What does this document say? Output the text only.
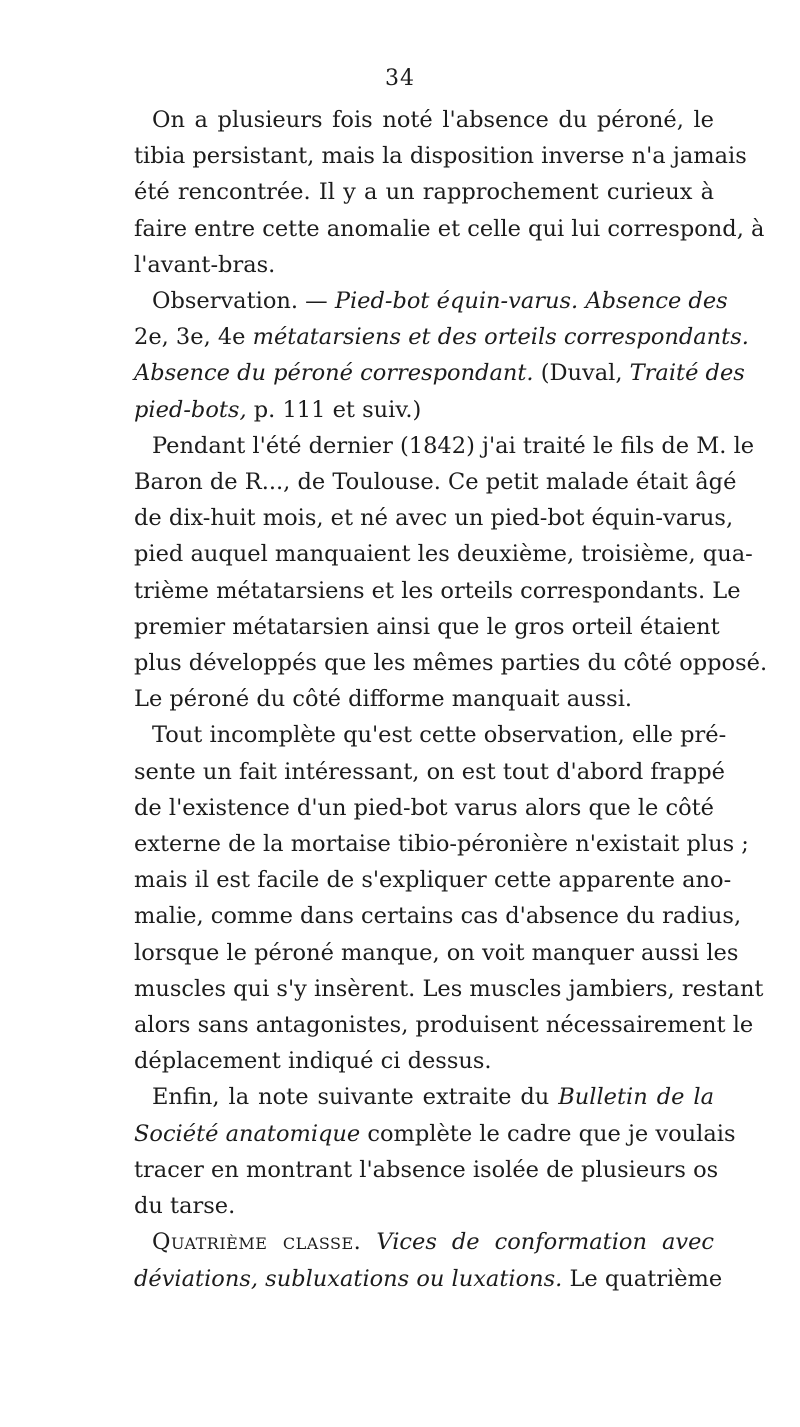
34
On a plusieurs fois noté l'absence du péroné, le
tibia persistant, mais la disposition inverse n'a jamais
été rencontrée. Il y a un rapprochement curieux à
faire entre cette anomalie et celle qui lui correspond, à
l'avant-bras.
Observation. — Pied-bot équin-varus. Absence des
2e, 3e, 4e métatarsiens et des orteils correspondants.
Absence du péroné correspondant. (Duval, Traité des
pied-bots, p. 111 et suiv.)
Pendant l'été dernier (1842) j'ai traité le fils de M. le
Baron de R..., de Toulouse. Ce petit malade était âgé
de dix-huit mois, et né avec un pied-bot équin-varus,
pied auquel manquaient les deuxième, troisième, qua-
trième métatarsiens et les orteils correspondants. Le
premier métatarsien ainsi que le gros orteil étaient
plus développés que les mêmes parties du côté opposé.
Le péroné du côté difforme manquait aussi.
Tout incomplète qu'est cette observation, elle pré-
sente un fait intéressant, on est tout d'abord frappé
de l'existence d'un pied-bot varus alors que le côté
externe de la mortaise tibio-péronière n'existait plus ;
mais il est facile de s'expliquer cette apparente ano-
malie, comme dans certains cas d'absence du radius,
lorsque le péroné manque, on voit manquer aussi les
muscles qui s'y insèrent. Les muscles jambiers, restant
alors sans antagonistes, produisent nécessairement le
déplacement indiqué ci dessus.
Enfin, la note suivante extraite du Bulletin de la
Société anatomique complète le cadre que je voulais
tracer en montrant l'absence isolée de plusieurs os
du tarse.
Quatrième classe. Vices de conformation avec
déviations, subluxations ou luxations. Le quatrième
